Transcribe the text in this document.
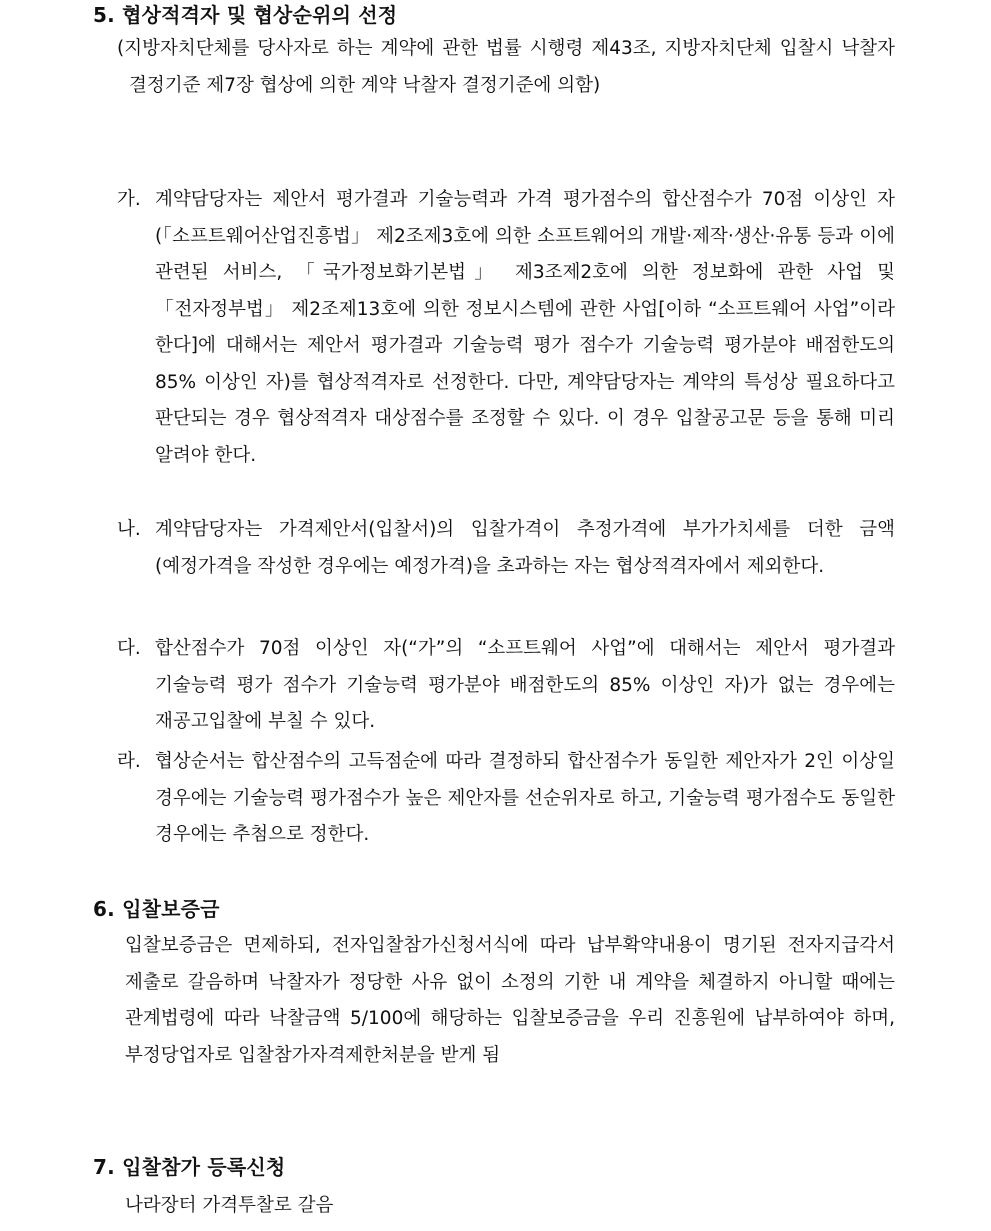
5. 협상적격자 및 협상순위의 선정
(지방자치단체를 당사자로 하는 계약에 관한 법률 시행령 제43조, 지방자치단체 입찰시 낙찰자 결정기준 제7장 협상에 의한 계약 낙찰자 결정기준에 의함)
가. 계약담당자는 제안서 평가결과 기술능력과 가격 평가점수의 합산점수가 70점 이상인 자(「소프트웨어산업진흥법」 제2조제3호에 의한 소프트웨어의 개발·제작·생산·유통 등과 이에 관련된 서비스, 「국가정보화기본법」 제3조제2호에 의한 정보화에 관한 사업 및 「전자정부법」 제2조제13호에 의한 정보시스템에 관한 사업[이하 “소프트웨어 사업”이라 한다]에 대해서는 제안서 평가결과 기술능력 평가 점수가 기술능력 평가분야 배점한도의 85% 이상인 자)를 협상적격자로 선정한다. 다만, 계약담당자는 계약의 특성상 필요하다고 판단되는 경우 협상적격자 대상점수를 조정할 수 있다. 이 경우 입찰공고문 등을 통해 미리 알려야 한다.
나. 계약담당자는 가격제안서(입찰서)의 입찰가격이 추정가격에 부가가치세를 더한 금액(예정가격을 작성한 경우에는 예정가격)을 초과하는 자는 협상적격자에서 제외한다.
다. 합산점수가 70점 이상인 자(“가”의 “소프트웨어 사업”에 대해서는 제안서 평가결과 기술능력 평가 점수가 기술능력 평가분야 배점한도의 85% 이상인 자)가 없는 경우에는 재공고입찰에 부칠 수 있다.
라. 협상순서는 합산점수의 고득점순에 따라 결정하되 합산점수가 동일한 제안자가 2인 이상일 경우에는 기술능력 평가점수가 높은 제안자를 선순위자로 하고, 기술능력 평가점수도 동일한 경우에는 추첨으로 정한다.
6. 입찰보증금
입찰보증금은 면제하되, 전자입찰참가신청서식에 따라 납부확약내용이 명기된 전자지급각서 제출로 갈음하며 낙찰자가 정당한 사유 없이 소정의 기한 내 계약을 체결하지 아니할 때에는 관계법령에 따라 낙찰금액 5/100에 해당하는 입찰보증금을 우리 진흥원에 납부하여야 하며, 부정당업자로 입찰참가자격제한처분을 받게 됨
7. 입찰참가 등록신청
나라장터 가격투찰로 갈음
